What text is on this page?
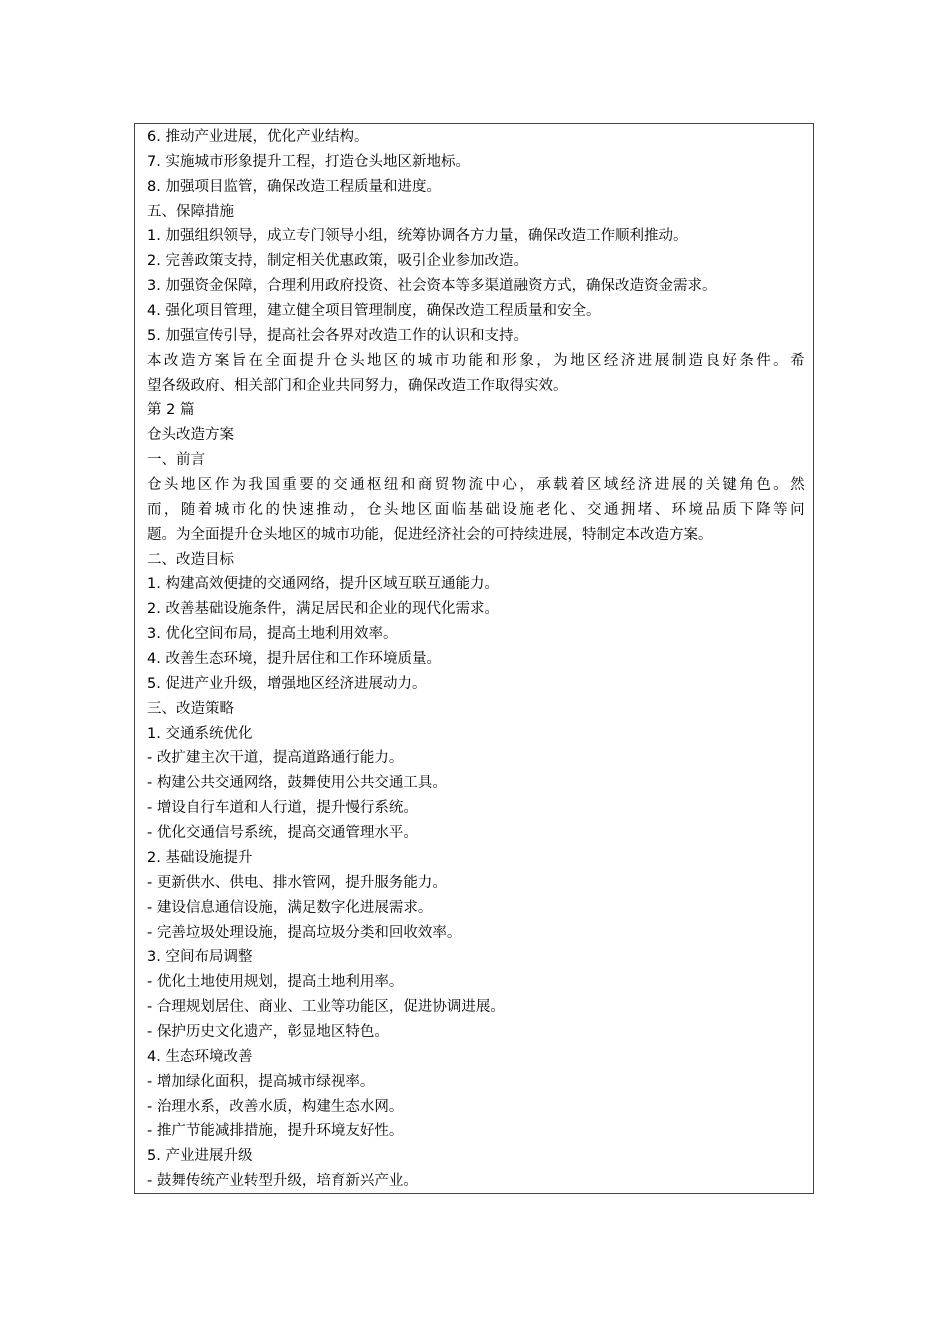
6. 推动产业进展，优化产业结构。
7. 实施城市形象提升工程，打造仓头地区新地标。
8. 加强项目监管，确保改造工程质量和进度。
五、保障措施
1. 加强组织领导，成立专门领导小组，统筹协调各方力量，确保改造工作顺利推动。
2. 完善政策支持，制定相关优惠政策，吸引企业参加改造。
3. 加强资金保障，合理利用政府投资、社会资本等多渠道融资方式，确保改造资金需求。
4. 强化项目管理，建立健全项目管理制度，确保改造工程质量和安全。
5. 加强宣传引导，提高社会各界对改造工作的认识和支持。
本改造方案旨在全面提升仓头地区的城市功能和形象，为地区经济进展制造良好条件。希
望各级政府、相关部门和企业共同努力，确保改造工作取得实效。
第 2 篇
仓头改造方案
一、前言
仓头地区作为我国重要的交通枢纽和商贸物流中心，承载着区域经济进展的关键角色。然
而，随着城市化的快速推动，仓头地区面临基础设施老化、交通拥堵、环境品质下降等问
题。为全面提升仓头地区的城市功能，促进经济社会的可持续进展，特制定本改造方案。
二、改造目标
1. 构建高效便捷的交通网络，提升区域互联互通能力。
2. 改善基础设施条件，满足居民和企业的现代化需求。
3. 优化空间布局，提高土地利用效率。
4. 改善生态环境，提升居住和工作环境质量。
5. 促进产业升级，增强地区经济进展动力。
三、改造策略
1. 交通系统优化
- 改扩建主次干道，提高道路通行能力。
- 构建公共交通网络，鼓舞使用公共交通工具。
- 增设自行车道和人行道，提升慢行系统。
- 优化交通信号系统，提高交通管理水平。
2. 基础设施提升
- 更新供水、供电、排水管网，提升服务能力。
- 建设信息通信设施，满足数字化进展需求。
- 完善垃圾处理设施，提高垃圾分类和回收效率。
3. 空间布局调整
- 优化土地使用规划，提高土地利用率。
- 合理规划居住、商业、工业等功能区，促进协调进展。
- 保护历史文化遗产，彰显地区特色。
4. 生态环境改善
- 增加绿化面积，提高城市绿视率。
- 治理水系，改善水质，构建生态水网。
- 推广节能减排措施，提升环境友好性。
5. 产业进展升级
- 鼓舞传统产业转型升级，培育新兴产业。
